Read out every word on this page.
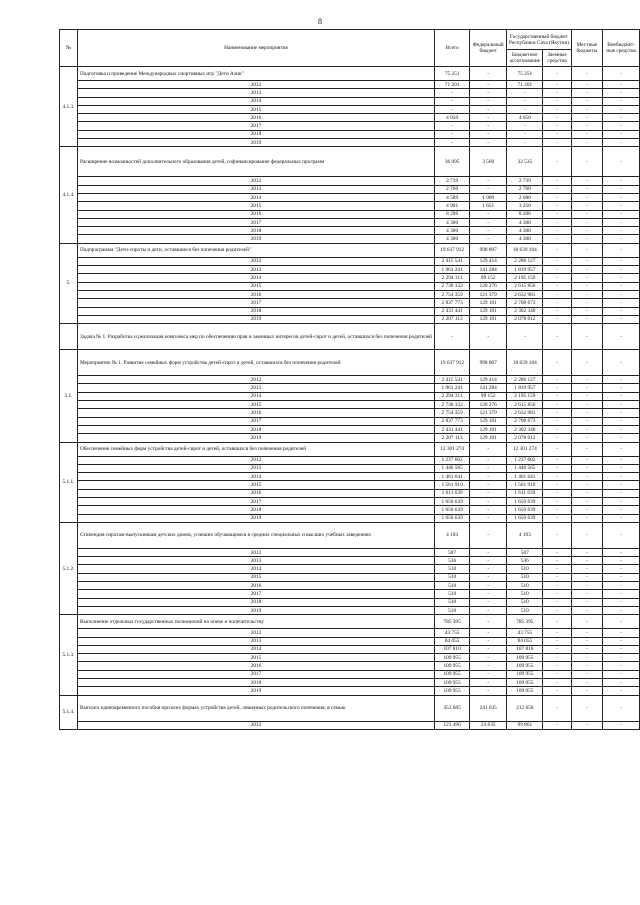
8
№	Наименование мероприятия	Всего	Федеральный бюджет	Государственный бюджет Республики Саха (Якутия)		Местные бюджеты	Внебюджет-ные средства
				Бюджетное ассигнование	Заемные средства		
4.1.3.	Подготовка и проведение Международных спортивных игр "Дети Азии"	75 251	-	75 251	-	-	-
	2012	71 201	-	71 201	-	-	-
	2013	-	-	-	-	-	-
	2014	-	-	-	-	-	-
	2015	-	-	-	-	-	-
	2016	4 050	-	4 050	-	-	-
	2017	-	-	-	-	-	-
	2018	-	-	-	-	-	-
	2019	-	-	-	-	-	-
4.1.4.	Расширение возможностей дополнительного образования детей, софинансирование федеральных программ	36 095	3 560	32 535	-	-	-
	2012	2 739	-	2 739	-	-	-
	2013	2 760	-	2 760	-	-	-
	2014	4 589	1 909	2 680	-	-	-
	2015	4 901	1 651	3 250	-	-	-
	2016	8 206	-	8 206	-	-	-
	2017	4 300	-	4 300	-	-	-
	2018	4 300	-	4 300	-	-	-
	2019	4 300	-	4 300	-	-	-
5.	Подпрограмма "Дети-сироты и дети, оставшиеся без попечения родителей"	19 637 912	998 807	18 639 104	-	-	-
	2012	2 415 541	129 414	2 286 127	-	-	-
	2013	1 961 241	141 284	1 819 957	-	-	-
	2014	2 294 311	99 152	2 195 159	-	-	-
	2015	2 736 132	120 276	2 615 856	-	-	-
	2016	2 754 359	121 379	2 632 981	-	-	-
	2017	2 837 773	129 101	2 708 673	-	-	-
	2018	2 431 441	129 101	2 302 340	-	-	-
	2019	2 207 113	129 101	2 078 012	-	-	-
	Задача № 1. Разработка и реализация комплекса мер по обеспечению прав и законных интересов детей-сирот и детей, оставшихся без попечения родителей	-	-	-	-	-	-
5.1.	Мероприятие № 1. Развитие семейных форм устройства детей-сирот и детей, оставшихся без попечения родителей	19 637 912	998 807	18 639 104	-	-	-
	2012	2 415 541	129 414	2 286 127	-	-	-
	2013	1 961 241	141 284	1 819 957	-	-	-
	2014	2 294 311	99 152	2 195 159	-	-	-
	2015	2 736 132	120 276	2 615 856	-	-	-
	2016	2 754 359	121 379	2 632 981	-	-	-
	2017	2 837 773	129 101	2 708 673	-	-	-
	2018	2 431 441	129 101	2 302 340	-	-	-
	2019	2 207 113	129 101	2 078 012	-	-	-
5.1.1.	Обеспечение семейных форм устройства детей-сирот и детей, оставшихся без попечения родителей	12 301 274	-	12 301 274	-	-	-
	2012	1 237 602	-	1 237 602	-	-	-
	2013	1 446 565	-	1 446 565	-	-	-
	2014	1 461 641	-	1 461 641	-	-	-
	2015	1 561 910	-	1 561 910	-	-	-
	2016	1 611 639	-	1 611 639	-	-	-
	2017	1 650 639	-	1 650 639	-	-	-
	2018	1 650 639	-	1 650 639	-	-	-
	2019	1 650 639	-	1 650 639	-	-	-
5.1.2.	Стипендия сиротам-выпускникам детских домов, успешно обучающимся в средних специальных и высших учебных заведениях	4 103	-	4 103	-	-	-
	2012	507	-	507	-	-	-
	2013	536	-	536	-	-	-
	2014	510	-	510	-	-	-
	2015	510	-	510	-	-	-
	2016	510	-	510	-	-	-
	2017	510	-	510	-	-	-
	2018	510	-	510	-	-	-
	2019	510	-	510	-	-	-
5.1.3.	Выполнение отдельных государственных полномочий по опеке и попечительству	785 395	-	785 395	-	-	-
	2012	43 755	-	43 755	-	-	-
	2013	84 055	-	84 055	-	-	-
	2014	107 810	-	107 810	-	-	-
	2015	109 955	-	109 955	-	-	-
	2016	109 955	-	109 955	-	-	-
	2017	109 955	-	109 955	-	-	-
	2018	109 955	-	109 955	-	-	-
	2019	109 955	-	109 955	-	-	-
5.1.4.	Выплата единовременного пособия при всех формах устройства детей, лишенных родительского попечения, в семью	453 685	241 035	212 650	-	-	-
	2012	123 496	23 635	99 861	-	-	-
